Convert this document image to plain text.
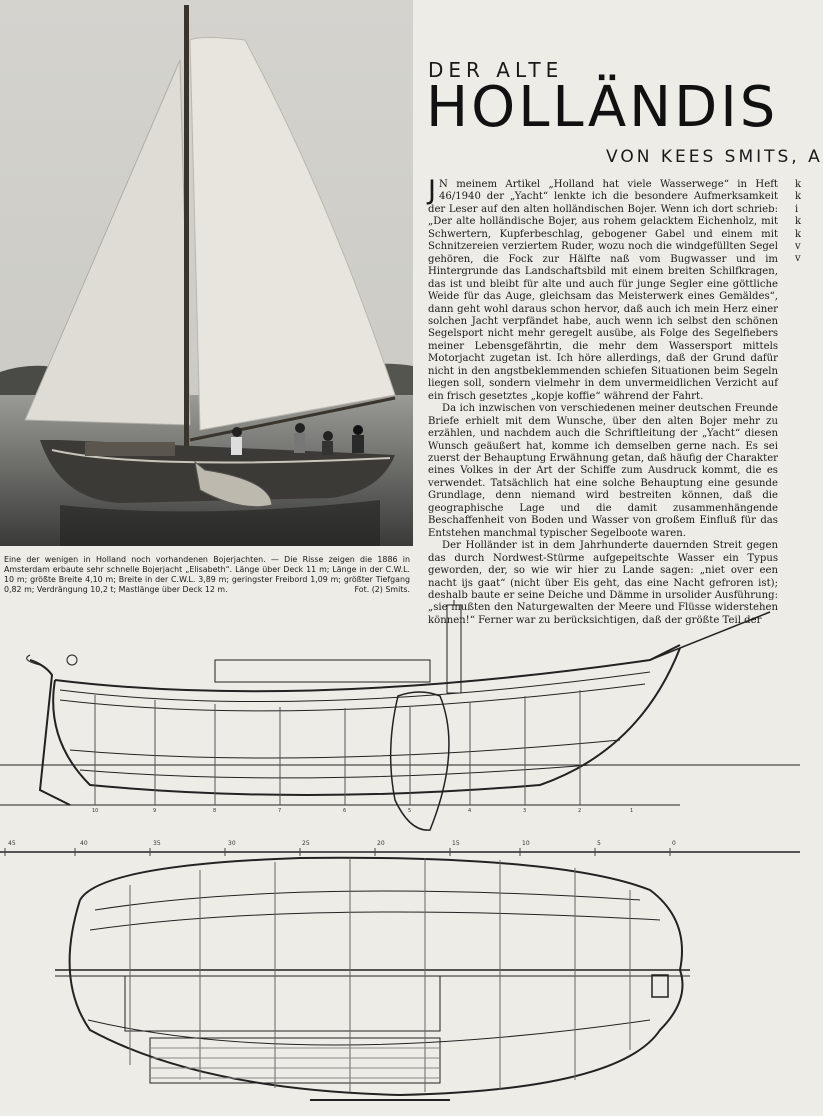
DER ALTE
HOLLÄNDIS
VON KEES SMITS, A

J N meinem Artikel „Holland hat viele Wasserwege“ in Heft 46/1940 der „Yacht“ lenkte ich die besondere Aufmerksamkeit der Leser auf den alten holländischen Bojer. Wenn ich dort schrieb: „Der alte holländische Bojer, aus rohem gelacktem Eichenholz, mit Schwertern, Kupferbeschlag, gebogener Gabel und einem mit Schnitzereien verziertem Ruder, wozu noch die windgefüllten Segel gehören, die Fock zur Hälfte naß vom Bugwasser und im Hintergrunde das Landschaftsbild mit einem breiten Schilfkragen, das ist und bleibt für alte und auch für junge Segler eine göttliche Weide für das Auge, gleichsam das Meisterwerk eines Gemäldes“, dann geht wohl daraus schon hervor, daß auch ich mein Herz einer solchen Jacht verpfändet habe, auch wenn ich selbst den schönen Segelsport nicht mehr geregelt ausübe, als Folge des Segelfiebers meiner Lebensgefährtin, die mehr dem Wassersport mittels Motorjacht zugetan ist. Ich höre allerdings, daß der Grund dafür nicht in den angstbeklemmenden schiefen Situationen beim Segeln liegen soll, sondern vielmehr in dem unvermeidlichen Verzicht auf ein frisch gesetztes „kopje koffie“ während der Fahrt.

Da ich inzwischen von verschiedenen meiner deutschen Freunde Briefe erhielt mit dem Wunsche, über den alten Bojer mehr zu erzählen, und nachdem auch die Schriftleitung der „Yacht“ diesen Wunsch geäußert hat, komme ich demselben gerne nach. Es sei zuerst der Behauptung Erwähnung getan, daß häufig der Charakter eines Volkes in der Art der Schiffe zum Ausdruck kommt, die es verwendet. Tatsächlich hat eine solche Behauptung eine gesunde Grundlage, denn niemand wird bestreiten können, daß die geographische Lage und die damit zusammenhängende Beschaffenheit von Boden und Wasser von großem Einfluß für das Entstehen manchmal typischer Segelboote waren.

Der Holländer ist in dem Jahrhunderte dauernden Streit gegen das durch Nordwest-Stürme aufgepeitschte Wasser ein Typus geworden, der, so wie wir hier zu Lande sagen: „niet over een nacht ijs gaat“ (nicht über Eis geht, das eine Nacht gefroren ist); deshalb baute er seine Deiche und Dämme in ursolider Ausführung: „sie mußten den Naturgewalten der Meere und Flüsse widerstehen können!“ Ferner war zu berücksichtigen, daß der größte Teil der

k k i k k v v
Eine der wenigen in Holland noch vorhandenen Bojerjachten. — Die Risse zeigen die 1886 in Amsterdam erbaute sehr schnelle Bojerjacht „Elisabeth“. Länge über Deck 11 m; Länge in der C.W.L. 10 m; größte Breite 4,10 m; Breite in der C.W.L. 3,89 m; geringster Freibord 1,09 m; größter Tiefgang 0,82 m; Verdrängung 10,2 t; Mastlänge über Deck 12 m.	Fot. (2) Smits.
45	40	35	30	25	20	15	10	5	0
10	9	8	7	6	5	4	3	2	1
